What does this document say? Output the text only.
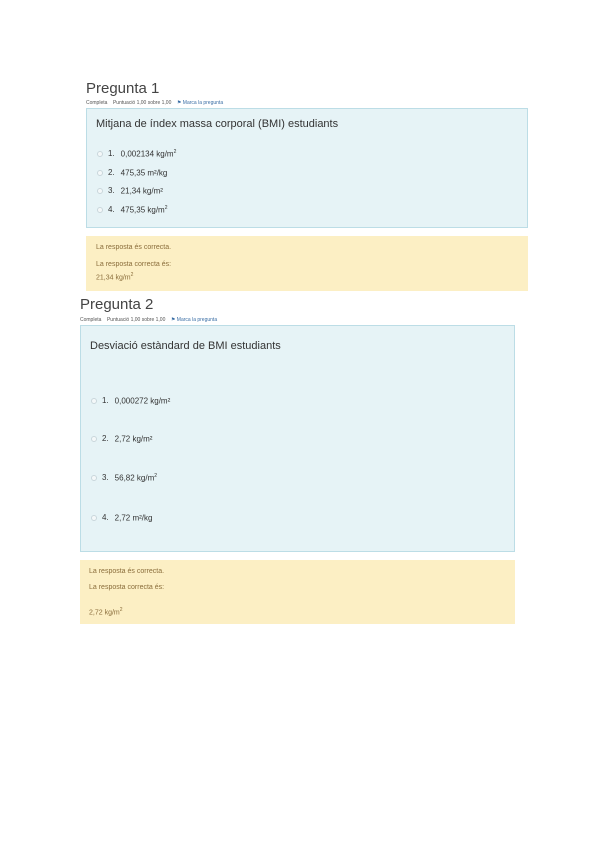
Pregunta 1
Completa Puntuació 1,00 sobre 1,00 ⚑ Marca la pregunta
Mitjana de índex massa corporal (BMI) estudiants
1. 0,002134 $kg/m^2$
2. 475,35 m²/kg
3. 21,34 kg/m²
4. 475,35 $kg/m^2$
La resposta és correcta.
La resposta correcta és:
21,34 $kg/m^2$
Pregunta 2
Completa Puntuació 1,00 sobre 1,00 ⚑ Marca la pregunta
Desviació estàndard de BMI estudiants
1. 0,000272 kg/m²
2. 2,72 kg/m²
3. 56,82 $kg/m^2$
4. 2,72 m²/kg
La resposta és correcta.
La resposta correcta és:
2,72 $kg/m^2$
